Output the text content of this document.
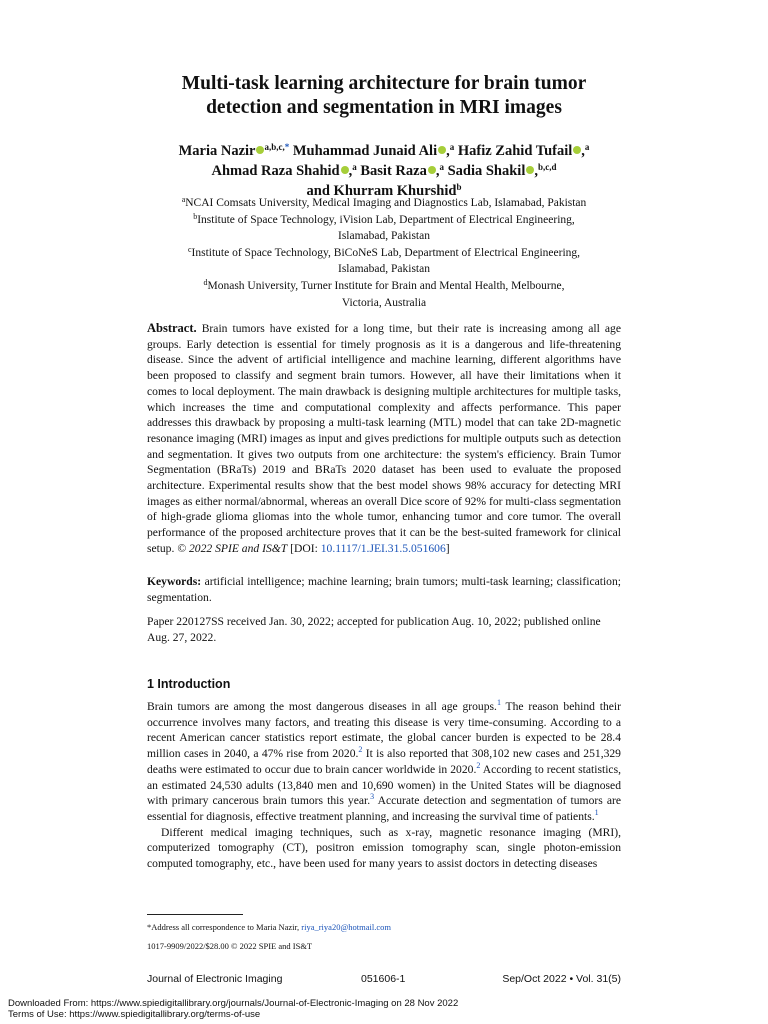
Multi-task learning architecture for brain tumor
detection and segmentation in MRI images
Maria Nazir $^{a,b,c,*}$ Muhammad Junaid Ali ,$^a$ Hafiz Zahid Tufail ,$^a$
Ahmad Raza Shahid ,$^a$ Basit Raza ,$^a$ Sadia Shakil ,$^{b,c,d}$
and Khurram Khurshid$^b$
$^a$NCAI Comsats University, Medical Imaging and Diagnostics Lab, Islamabad, Pakistan
$^b$Institute of Space Technology, iVision Lab, Department of Electrical Engineering,
Islamabad, Pakistan
$^c$Institute of Space Technology, BiCoNeS Lab, Department of Electrical Engineering,
Islamabad, Pakistan
$^d$Monash University, Turner Institute for Brain and Mental Health, Melbourne,
Victoria, Australia
Abstract. Brain tumors have existed for a long time, but their rate is increasing among all age groups. Early detection is essential for timely prognosis as it is a dangerous and life-threatening disease. Since the advent of artificial intelligence and machine learning, different algorithms have been proposed to classify and segment brain tumors. However, all have their limitations when it comes to local deployment. The main drawback is designing multiple architectures for multiple tasks, which increases the time and computational complexity and affects performance. This paper addresses this drawback by proposing a multi-task learning (MTL) model that can take 2D-magnetic resonance imaging (MRI) images as input and gives predictions for multiple outputs such as detection and segmentation. It gives two outputs from one architecture: the system's efficiency. Brain Tumor Segmentation (BRaTs) 2019 and BRaTs 2020 dataset has been used to evaluate the proposed architecture. Experimental results show that the best model shows 98% accuracy for detecting MRI images as either normal/abnormal, whereas an overall Dice score of 92% for multi-class segmentation of high-grade glioma gliomas into the whole tumor, enhancing tumor and core tumor. The overall performance of the proposed architecture proves that it can be the best-suited framework for clinical setup. © 2022 SPIE and IS&T [DOI: 10.1117/1.JEI.31.5.051606]
Keywords: artificial intelligence; machine learning; brain tumors; multi-task learning; classification; segmentation.
Paper 220127SS received Jan. 30, 2022; accepted for publication Aug. 10, 2022; published online Aug. 27, 2022.
1 Introduction

Brain tumors are among the most dangerous diseases in all age groups.$^1$ The reason behind their occurrence involves many factors, and treating this disease is very time-consuming. According to a recent American cancer statistics report estimate, the global cancer burden is expected to be 28.4 million cases in 2040, a 47% rise from 2020.$^2$ It is also reported that 308,102 new cases and 251,329 deaths were estimated to occur due to brain cancer worldwide in 2020.$^2$ According to recent statistics, an estimated 24,530 adults (13,840 men and 10,690 women) in the United States will be diagnosed with primary cancerous brain tumors this year.$^3$ Accurate detection and segmentation of tumors are essential for diagnosis, effective treatment planning, and increasing the survival time of patients.$^1$

Different medical imaging techniques, such as x-ray, magnetic resonance imaging (MRI), computerized tomography (CT), positron emission tomography scan, single photon-emission computed tomography, etc., have been used for many years to assist doctors in detecting diseases

*Address all correspondence to Maria Nazir, riya_riya20@hotmail.com
1017-9909/2022/$28.00 © 2022 SPIE and IS&T
Journal of Electronic Imaging	051606-1	Sep/Oct 2022 • Vol. 31(5)
Downloaded From: https://www.spiedigitallibrary.org/journals/Journal-of-Electronic-Imaging on 28 Nov 2022
Terms of Use: https://www.spiedigitallibrary.org/terms-of-use
